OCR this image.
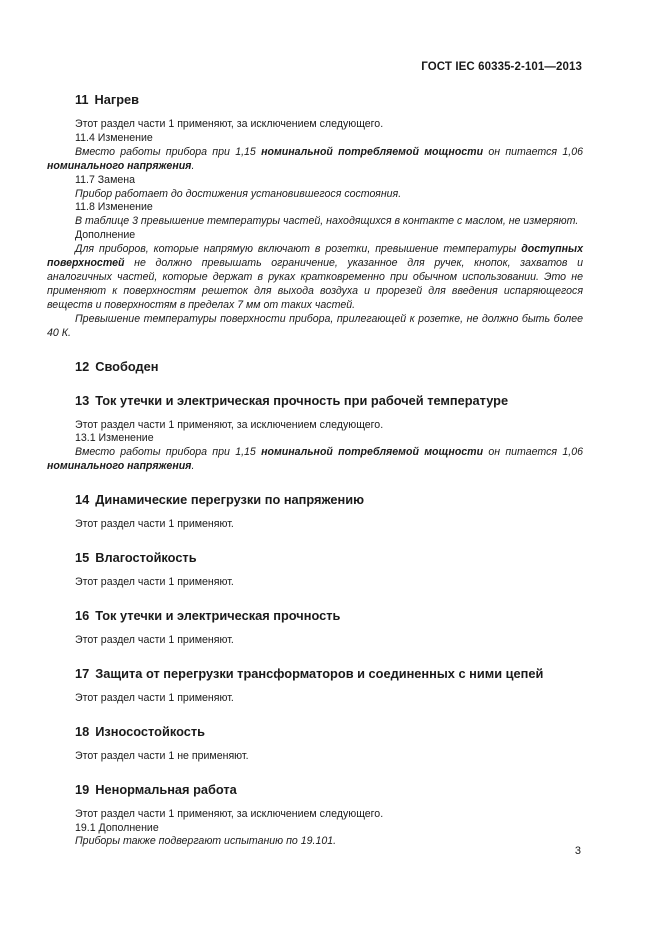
ГОСТ IEC 60335-2-101—2013
11 Нагрев

Этот раздел части 1 применяют, за исключением следующего.

11.4 Изменение

Вместо работы прибора при 1,15 номинальной потребляемой мощности он питается 1,06 номинального напряжения.

11.7 Замена

Прибор работает до достижения установившегося состояния.

11.8 Изменение

В таблице 3 превышение температуры частей, находящихся в контакте с маслом, не измеряют.

Дополнение

Для приборов, которые напрямую включают в розетки, превышение температуры доступных поверхностей не должно превышать ограничение, указанное для ручек, кнопок, захватов и аналогичных частей, которые держат в руках кратковременно при обычном использовании. Это не применяют к поверхностям решеток для выхода воздуха и прорезей для введения испаряющегося веществ и поверхностям в пределах 7 мм от таких частей.

Превышение температуры поверхности прибора, прилегающей к розетке, не должно быть более 40 К.

12 Свободен
13 Ток утечки и электрическая прочность при рабочей температуре

Этот раздел части 1 применяют, за исключением следующего.

13.1 Изменение

Вместо работы прибора при 1,15 номинальной потребляемой мощности он питается 1,06 номинального напряжения.

14 Динамические перегрузки по напряжению

Этот раздел части 1 применяют.

15 Влагостойкость

Этот раздел части 1 применяют.

16 Ток утечки и электрическая прочность

Этот раздел части 1 применяют.

17 Защита от перегрузки трансформаторов и соединенных с ними цепей

Этот раздел части 1 применяют.

18 Износостойкость

Этот раздел части 1 не применяют.

19 Ненормальная работа

Этот раздел части 1 применяют, за исключением следующего.

19.1 Дополнение

Приборы также подвергают испытанию по 19.101.

3
